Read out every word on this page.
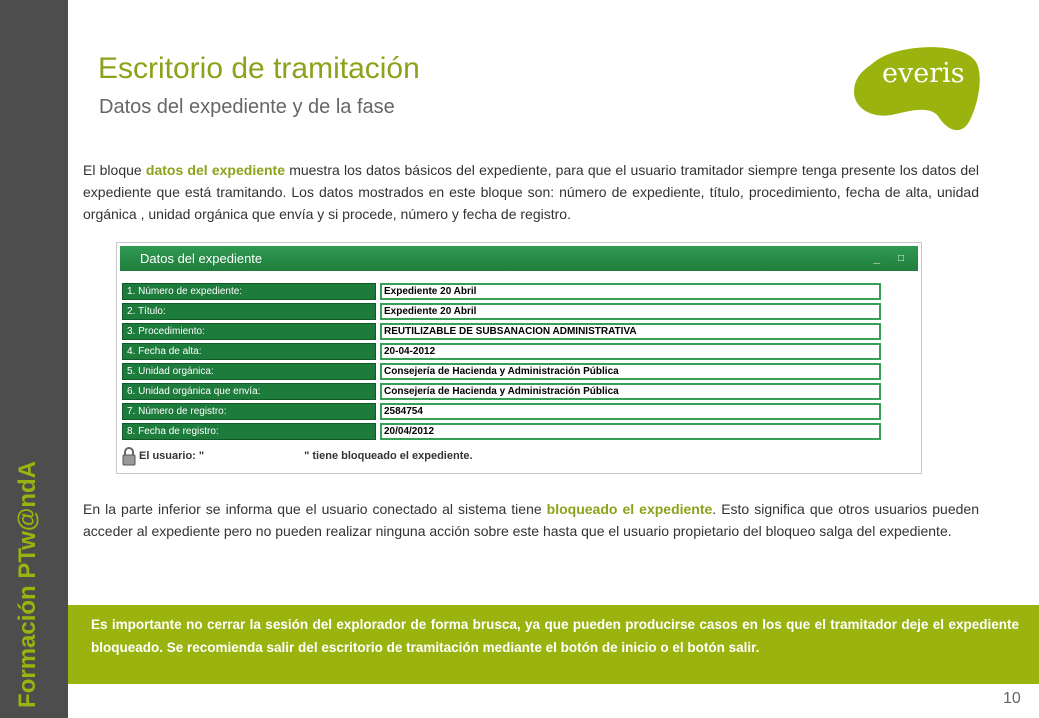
Formación PTw@ndA
Escritorio de tramitación
Datos del expediente y de la fase
everis

El bloque datos del expediente muestra los datos básicos del expediente, para que el usuario tramitador siempre tenga presente los datos del expediente que está tramitando. Los datos mostrados en este bloque son: número de expediente, título, procedimiento, fecha de alta, unidad orgánica , unidad orgánica que envía y si procede, número y fecha de registro.

Datos del expediente	_ □
1. Número de expediente:	Expediente 20 Abril
2. Título:	Expediente 20 Abril
3. Procedimiento:	REUTILIZABLE DE SUBSANACION ADMINISTRATIVA
4. Fecha de alta:	20-04-2012
5. Unidad orgánica:	Consejería de Hacienda y Administración Pública
6. Unidad orgánica que envía:	Consejería de Hacienda y Administración Pública
7. Número de registro:	2584754
8. Fecha de registro:	20/04/2012
El usuario: "	" tiene bloqueado el expediente.

En la parte inferior se informa que el usuario conectado al sistema tiene bloqueado el expediente. Esto significa que otros usuarios pueden acceder al expediente pero no pueden realizar ninguna acción sobre este hasta que el usuario propietario del bloqueo salga del expediente.

Es importante no cerrar la sesión del explorador de forma brusca, ya que pueden producirse casos en los que el tramitador deje el expediente bloqueado. Se recomienda salir del escritorio de tramitación mediante el botón de inicio o el botón salir.

10
